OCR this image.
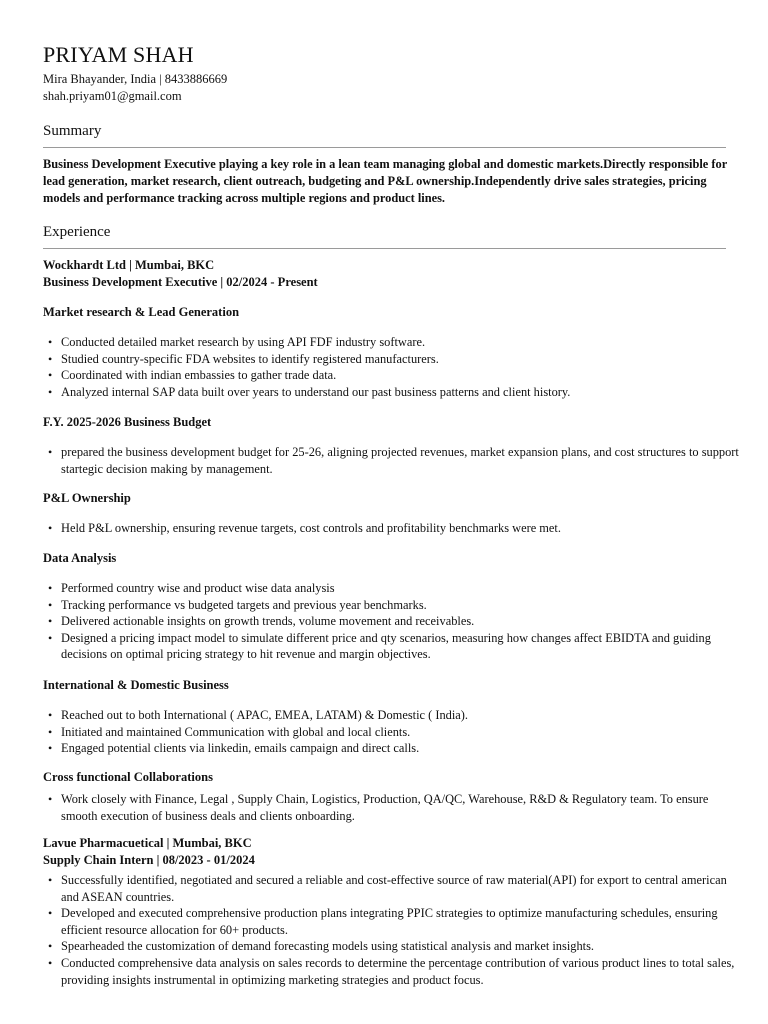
PRIYAM SHAH
Mira Bhayander, India | 8433886669
shah.priyam01@gmail.com
Summary

Business Development Executive playing a key role in a lean team managing global and domestic markets.Directly responsible for lead generation, market research, client outreach, budgeting and P&L ownership.Independently drive sales strategies, pricing models and performance tracking across multiple regions and product lines.

Experience
Wockhardt Ltd | Mumbai, BKC
Business Development Executive | 02/2024 - Present
Market research & Lead Generation
• Conducted detailed market research by using API FDF industry software.
• Studied country-specific FDA websites to identify registered manufacturers.
• Coordinated with indian embassies to gather trade data.
• Analyzed internal SAP data built over years to understand our past business patterns and client history.
F.Y. 2025-2026 Business Budget
• prepared the business development budget for 25-26, aligning projected revenues, market expansion plans, and cost structures to support startegic decision making by management.
P&L Ownership
• Held P&L ownership, ensuring revenue targets, cost controls and profitability benchmarks were met.
Data Analysis
• Performed country wise and product wise data analysis
• Tracking performance vs budgeted targets and previous year benchmarks.
• Delivered actionable insights on growth trends, volume movement and receivables.
• Designed a pricing impact model to simulate different price and qty scenarios, measuring how changes affect EBIDTA and guiding decisions on optimal pricing strategy to hit revenue and margin objectives.
International & Domestic Business
• Reached out to both International ( APAC, EMEA, LATAM) & Domestic ( India).
• Initiated and maintained Communication with global and local clients.
• Engaged potential clients via linkedin, emails campaign and direct calls.
Cross functional Collaborations
• Work closely with Finance, Legal , Supply Chain, Logistics, Production, QA/QC, Warehouse, R&D & Regulatory team. To ensure smooth execution of business deals and clients onboarding.
Lavue Pharmacuetical | Mumbai, BKC
Supply Chain Intern | 08/2023 - 01/2024
• Successfully identified, negotiated and secured a reliable and cost-effective source of raw material(API) for export to central american and ASEAN countries.
• Developed and executed comprehensive production plans integrating PPIC strategies to optimize manufacturing schedules, ensuring efficient resource allocation for 60+ products.
• Spearheaded the customization of demand forecasting models using statistical analysis and market insights.
• Conducted comprehensive data analysis on sales records to determine the percentage contribution of various product lines to total sales, providing insights instrumental in optimizing marketing strategies and product focus.
